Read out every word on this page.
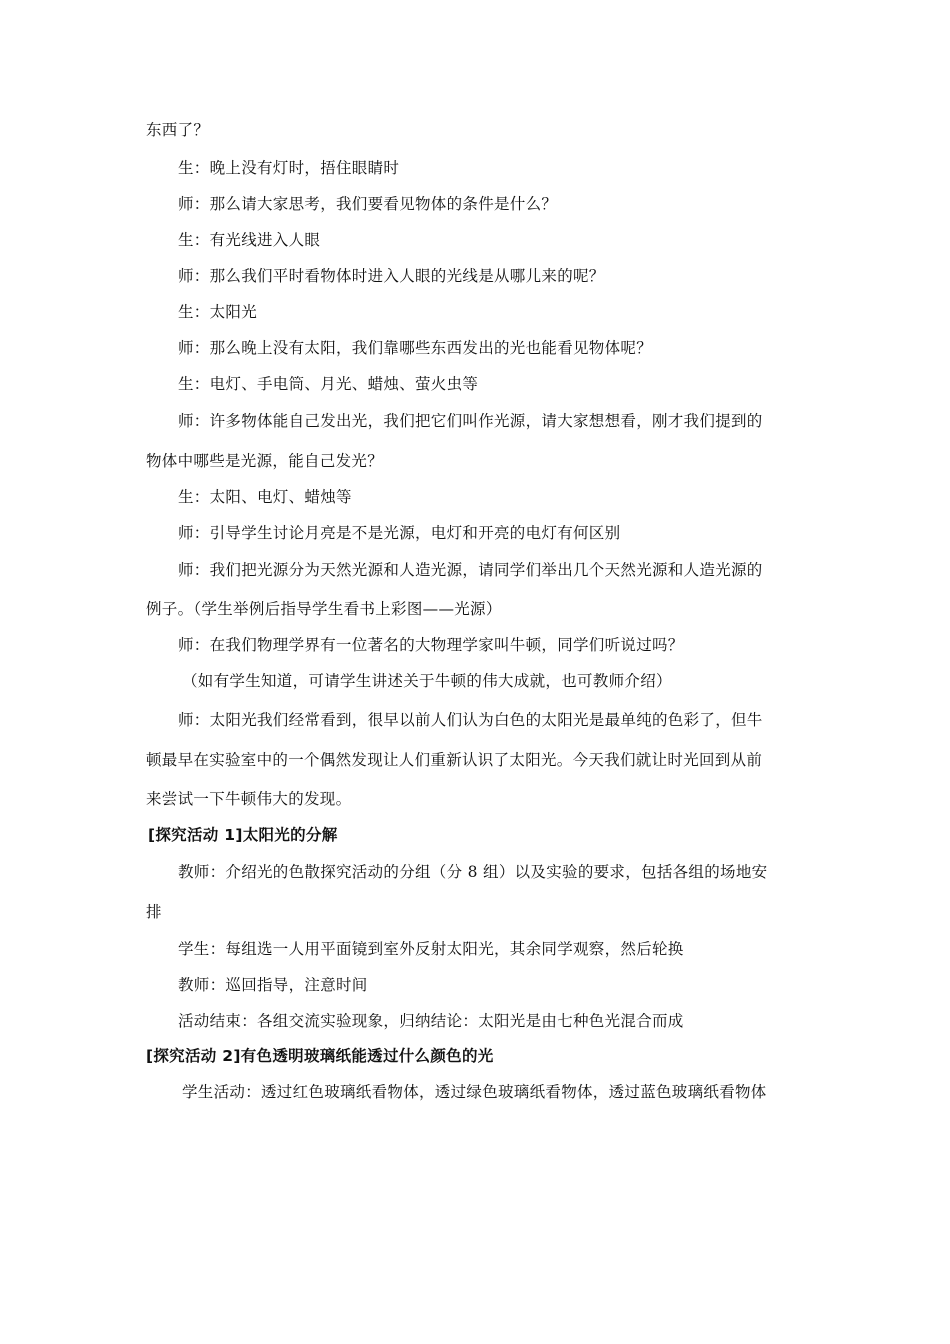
东西了？
生：晚上没有灯时，捂住眼睛时
师：那么请大家思考，我们要看见物体的条件是什么？
生：有光线进入人眼
师：那么我们平时看物体时进入人眼的光线是从哪儿来的呢？
生：太阳光
师：那么晚上没有太阳，我们靠哪些东西发出的光也能看见物体呢？
生：电灯、手电筒、月光、蜡烛、萤火虫等
师：许多物体能自己发出光，我们把它们叫作光源，请大家想想看，刚才我们提到的
物体中哪些是光源，能自己发光？
生：太阳、电灯、蜡烛等
师：引导学生讨论月亮是不是光源，电灯和开亮的电灯有何区别
师：我们把光源分为天然光源和人造光源，请同学们举出几个天然光源和人造光源的
例子。（学生举例后指导学生看书上彩图——光源）
师：在我们物理学界有一位著名的大物理学家叫牛顿，同学们听说过吗？
（如有学生知道，可请学生讲述关于牛顿的伟大成就，也可教师介绍）
师：太阳光我们经常看到，很早以前人们认为白色的太阳光是最单纯的色彩了，但牛
顿最早在实验室中的一个偶然发现让人们重新认识了太阳光。今天我们就让时光回到从前
来尝试一下牛顿伟大的发现。
[探究活动 1]太阳光的分解
教师：介绍光的色散探究活动的分组（分 8 组）以及实验的要求，包括各组的场地安
排
学生：每组选一人用平面镜到室外反射太阳光，其余同学观察，然后轮换
教师：巡回指导，注意时间
活动结束：各组交流实验现象，归纳结论：太阳光是由七种色光混合而成
[探究活动 2]有色透明玻璃纸能透过什么颜色的光
学生活动：透过红色玻璃纸看物体，透过绿色玻璃纸看物体，透过蓝色玻璃纸看物体
